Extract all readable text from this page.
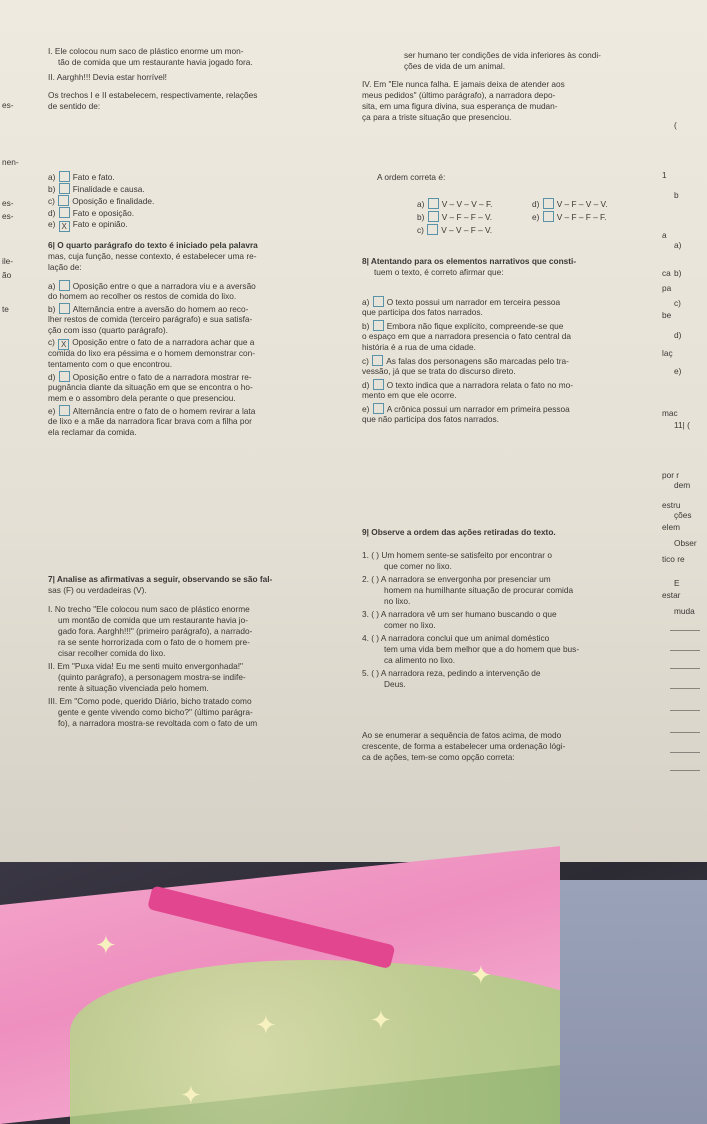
I. Ele colocou num saco de plástico enorme um mon-
tão de comida que um restaurante havia jogado fora.
II. Aarghh!!! Devia estar horrível!
Os trechos I e II estabelecem, respectivamente, relações
de sentido de:
a) Fato e fato.
b) Finalidade e causa.
c) Oposição e finalidade.
d) Fato e oposição.
e) X Fato e opinião.
6| O quarto parágrafo do texto é iniciado pela palavra
mas, cuja função, nesse contexto, é estabelecer uma re-
lação de:
a) Oposição entre o que a narradora viu e a aversão
do homem ao recolher os restos de comida do lixo.
b) Alternância entre a aversão do homem ao reco-
lher restos de comida (terceiro parágrafo) e sua satisfa-
ção com isso (quarto parágrafo).
c) X Oposição entre o fato de a narradora achar que a
comida do lixo era péssima e o homem demonstrar con-
tentamento com o que encontrou.
d) Oposição entre o fato de a narradora mostrar re-
pugnância diante da situação em que se encontra o ho-
mem e o assombro dela perante o que presenciou.
e) Alternância entre o fato de o homem revirar a lata
de lixo e a mãe da narradora ficar brava com a filha por
ela reclamar da comida.
7| Analise as afirmativas a seguir, observando se são fal-
sas (F) ou verdadeiras (V).
I. No trecho "Ele colocou num saco de plástico enorme
um montão de comida que um restaurante havia jo-
gado fora. Aarghh!!!" (primeiro parágrafo), a narrado-
ra se sente horrorizada com o fato de o homem pre-
cisar recolher comida do lixo.
II. Em "Puxa vida! Eu me senti muito envergonhada!"
(quinto parágrafo), a personagem mostra-se indife-
rente à situação vivenciada pelo homem.
III. Em "Como pode, querido Diário, bicho tratado como
gente e gente vivendo como bicho?" (último parágra-
fo), a narradora mostra-se revoltada com o fato de um
es-
nen-
es-
es-
ile-
ão
te
ser humano ter condições de vida inferiores às condi-
ções de vida de um animal.
IV. Em "Ele nunca falha. E jamais deixa de atender aos
meus pedidos" (último parágrafo), a narradora depo-
sita, em uma figura divina, sua esperança de mudan-
ça para a triste situação que presenciou.
A ordem correta é:
a) V – V – V – F.	d) V – F – V – V.
b) V – F – F – V.	e) V – F – F – F.
c) V – V – F – V.
8| Atentando para os elementos narrativos que consti-
tuem o texto, é correto afirmar que:
a) O texto possui um narrador em terceira pessoa
que participa dos fatos narrados.
b) Embora não fique explícito, compreende-se que
o espaço em que a narradora presencia o fato central da
história é a rua de uma cidade.
c) As falas dos personagens são marcadas pelo tra-
vessão, já que se trata do discurso direto.
d) O texto indica que a narradora relata o fato no mo-
mento em que ele ocorre.
e) A crônica possui um narrador em primeira pessoa
que não participa dos fatos narrados.
9| Observe a ordem das ações retiradas do texto.
1. ( ) Um homem sente-se satisfeito por encontrar o
que comer no lixo.
2. ( ) A narradora se envergonha por presenciar um
homem na humilhante situação de procurar comida
no lixo.
3. ( ) A narradora vê um ser humano buscando o que
comer no lixo.
4. ( ) A narradora conclui que um animal doméstico
tem uma vida bem melhor que a do homem que bus-
ca alimento no lixo.
5. ( ) A narradora reza, pedindo a intervenção de
Deus.
Ao se enumerar a sequência de fatos acima, de modo
crescente, de forma a estabelecer uma ordenação lógi-
ca de ações, tem-se como opção correta:
(
1
b
a
a)
ca b)
pa
c)
be
d)
laç
e)
mac
11| (
por r
dem
estru
ções
elem
Obser
tico re
E
estar
muda
✦
✦	✦
✦
✦
